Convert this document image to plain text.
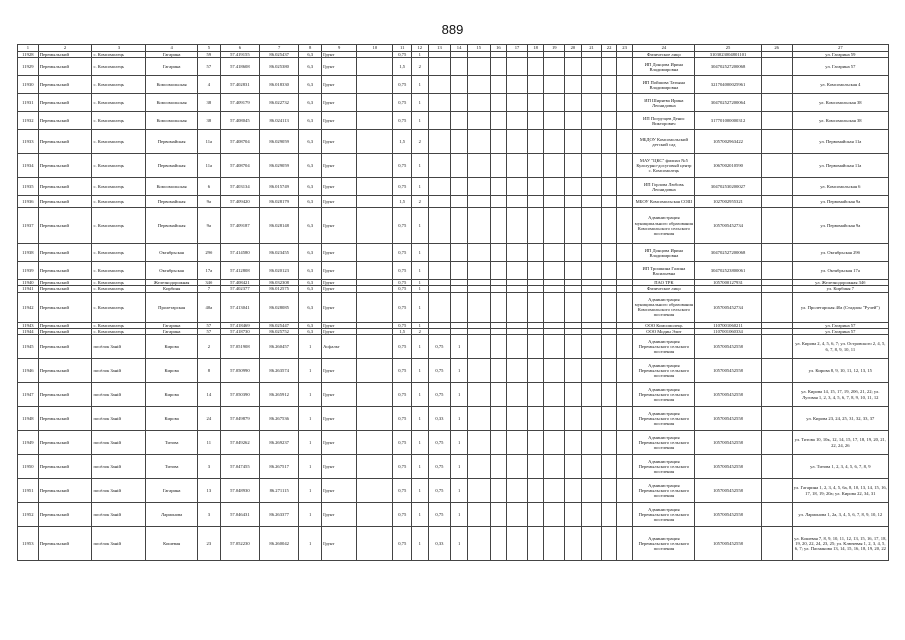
889
1	2	3	4	5	6	7	8	9	10	11	12	13	14	15	16	17	18	19	20	21	22	23	24	25	26	27
11928	Перемыльский	с. Комсомолець	Гагарина	59	57.419155	86.025437	6,3	Грунт		0,75	1												Физическое лицо	3103023004801101		ул. Гагарина 59
11929	Перемыльский	с. Комсомолець	Гагарина	57	57.418608	86.025380	6,3	Грунт		1,5	2												ИП Донцова Ирина Владимировна	304702527200068		ул. Гагарина 57
11930	Перемыльский	с. Комсомолець	Комсомольская	4	57.402831	86.018330	6,3	Грунт		0,75	1												ИП Пойшова Татьяна Владимировна	321704000025961		ул. Комсомольская 4
11931	Перемыльский	с. Комсомолець	Комсомольская	38	57.409179	86.022732	6,3	Грунт		0,75	1												ИП Ширяева Ирина Леонидовна	304702527200064		ул. Комсомольская 38
11932	Перемыльский	с. Комсомолець	Комсомольская	38	57.408045	86.024113	6,3	Грунт		0,75	1												ИП Погрузцев Денис Викторович	317701000000312		ул. Комсомольская 38
11933	Перемыльский	с. Комсомолець	Первомайская	11а	57.408704	86.029059	6,3	Грунт		1,5	2												МБДОУ Комсомольский детский сад	1057002963422		ул. Первомайская 11а
11934	Перемыльский	с. Комсомолець	Первомайская	11а	57.408704	86.029059	6,3	Грунт		0,75	1												МАУ "ЦКС" филиал №5 Культурно-досуговый центр с. Комсомолець	1067002010590		ул. Первомайская 11а
11935	Перемыльский	с. Комсомолець	Комсомольская	6	57.403134	86.015749	6,3	Грунт		0,75	1												ИП Горлова Любовь Леонидовна	304702530200027		ул. Комсомольская 6
11936	Перемыльский	с. Комсомолець	Первомайская	9а	57.409420	86.028179	6,3	Грунт		1,5	2												МБОУ Комсомольская СОШ	1027002955321		ул. Первомайская 9а
11937	Перемыльский	с. Комсомолець	Первомайская	9а	57.409187	86.028148	6,3	Грунт		0,75	1												Администрация муниципального образования Комсомольского сельского поселения	1057005452734		ул. Первомайская 9а
11938	Перемыльский	с. Комсомолець	Октябрьская	29б	57.414580	86.023455	6,3	Грунт		0,75	1												ИП Донцова Ирина Владимировна	304702527200068		ул. Октябрьская 29б
11939	Перемыльский	с. Комсомолець	Октябрьская	17а	57.412808	86.020123	6,3	Грунт		0,75	1												ИП Трошкина Галина Васильевна	304702523800061		ул. Октябрьская 17а
11940	Перемыльский	с. Комсомолець	Железнодорожная	34б	57.408421	86.032308	6,3	Грунт		0,75	1												ПАО ТРК	1057000127931		ул. Железнодорожная 34б
11941	Перемыльский	с. Комсомолець	Кирбиня	7	57.402377	86.012575	6,3	Грунт		0,75	1												Физическое лицо			ул. Кирбиня 7
11942	Перемыльский	с. Комсомолець	Пролетарская	40а	57.413041	86.028085	6,3	Грунт		0,75	1												Администрация муниципального образования Комсомольского сельского поселения	1057005452734		ул. Пролетарская 40а (Стадион "Ручей")
11943	Перемыльский	с. Комсомолець	Гагарина	57	57.418469	86.025447	6,3	Грунт		0,75	1												ООО Комсомолець	1107001060211		ул. Гагарина 57
11944	Перемыльский	с. Комсомолець	Гагарина	57	57.418730	86.025752	6,3	Грунт		1,5	2												ООО Модин Элит	1107001060334		ул. Гагарина 57
11945	Перемыльский	посёлок Заній	Кирова	2	57.051908	86.260457	1	Асфальт		0,75	1	0,75	1										Администрация Перемыльского сельского поселения	1057005452558		ул. Кирова 2, 4, 5, 6, 7; ул. Островского 2, 4, 5, 6, 7, 8, 9, 10, 11
11946	Перемыльский	посёлок Заній	Кирова	8	57.050990	86.263574	1	Грунт		0,75	1	0,75	1										Администрация Перемыльского сельского поселения	1057005452558		ул. Кирова 8, 9, 10, 11, 12, 13, 15
11947	Перемыльский	посёлок Заній	Кирова	14	57.050390	86.265912	1	Грунт		0,75	1	0,75	1										Администрация Перемыльского сельского поселения	1057005452558		ул. Кирова 14, 15, 17, 19, 20б, 21, 22; ул. Луговая 1, 2, 3, 4, 5, 6, 7, 8, 9, 10, 11, 12
11948	Перемыльский	посёлок Заній	Кирова	24	57.049879	86.267536	1	Грунт		0,75	1	0,33	1										Администрация Перемыльского сельского поселения	1057005452558		ул. Кирова 23, 24, 25, 31, 32, 33, 37
11949	Перемыльский	посёлок Заній	Титова	11	57.049262	86.269237	1	Грунт		0,75	1	0,75	1										Администрация Перемыльского сельского поселения	1057005452558		ул. Титова 10, 10к, 12, 14, 15, 17, 18, 19, 20, 21, 22, 24, 26
11950	Перемыльский	посёлок Заній	Титова	3	57.047455	86.267517	1	Грунт		0,75	1	0,75	1										Администрация Перемыльского сельского поселения	1057005452558		ул. Титова 1, 2, 3, 4, 5, 6, 7, 8, 9
11951	Перемыльский	посёлок Заній	Гагарина	13	57.048930	86.271115	1	Грунт		0,75	1	0,75	1										Администрация Перемыльского сельского поселения	1057005452558		ул. Гагарина 1, 2, 3, 4, 5, 6а, 8, 10, 13, 14, 15, 16, 17, 18, 19; 20а; ул. Кирова 22, 34, 31
11952	Перемыльский	посёлок Заній	Ларионова	3	57.046431	86.263377	1	Грунт		0,75	1	0,75	1										Администрация Перемыльского сельского поселения	1057005452558		ул. Ларионова 1, 2а, 3, 4, 5, 6, 7, 8, 9, 10, 12
11953	Перемыльский	посёлок Заній	Кошевая	23	57.052230	86.260042	1	Грунт		0,75	1	0,33	1										Администрация Перемыльского сельского поселения	1057005452558		ул. Кошевая 7, 8, 9, 10, 11, 12, 13, 15, 16, 17, 18, 19, 20, 22, 24, 23, 25; ул. Ключевая 1, 2, 3, 4, 5, 6, 7; ул. Пасманова 13, 14, 15, 16, 18, 19, 20, 22
